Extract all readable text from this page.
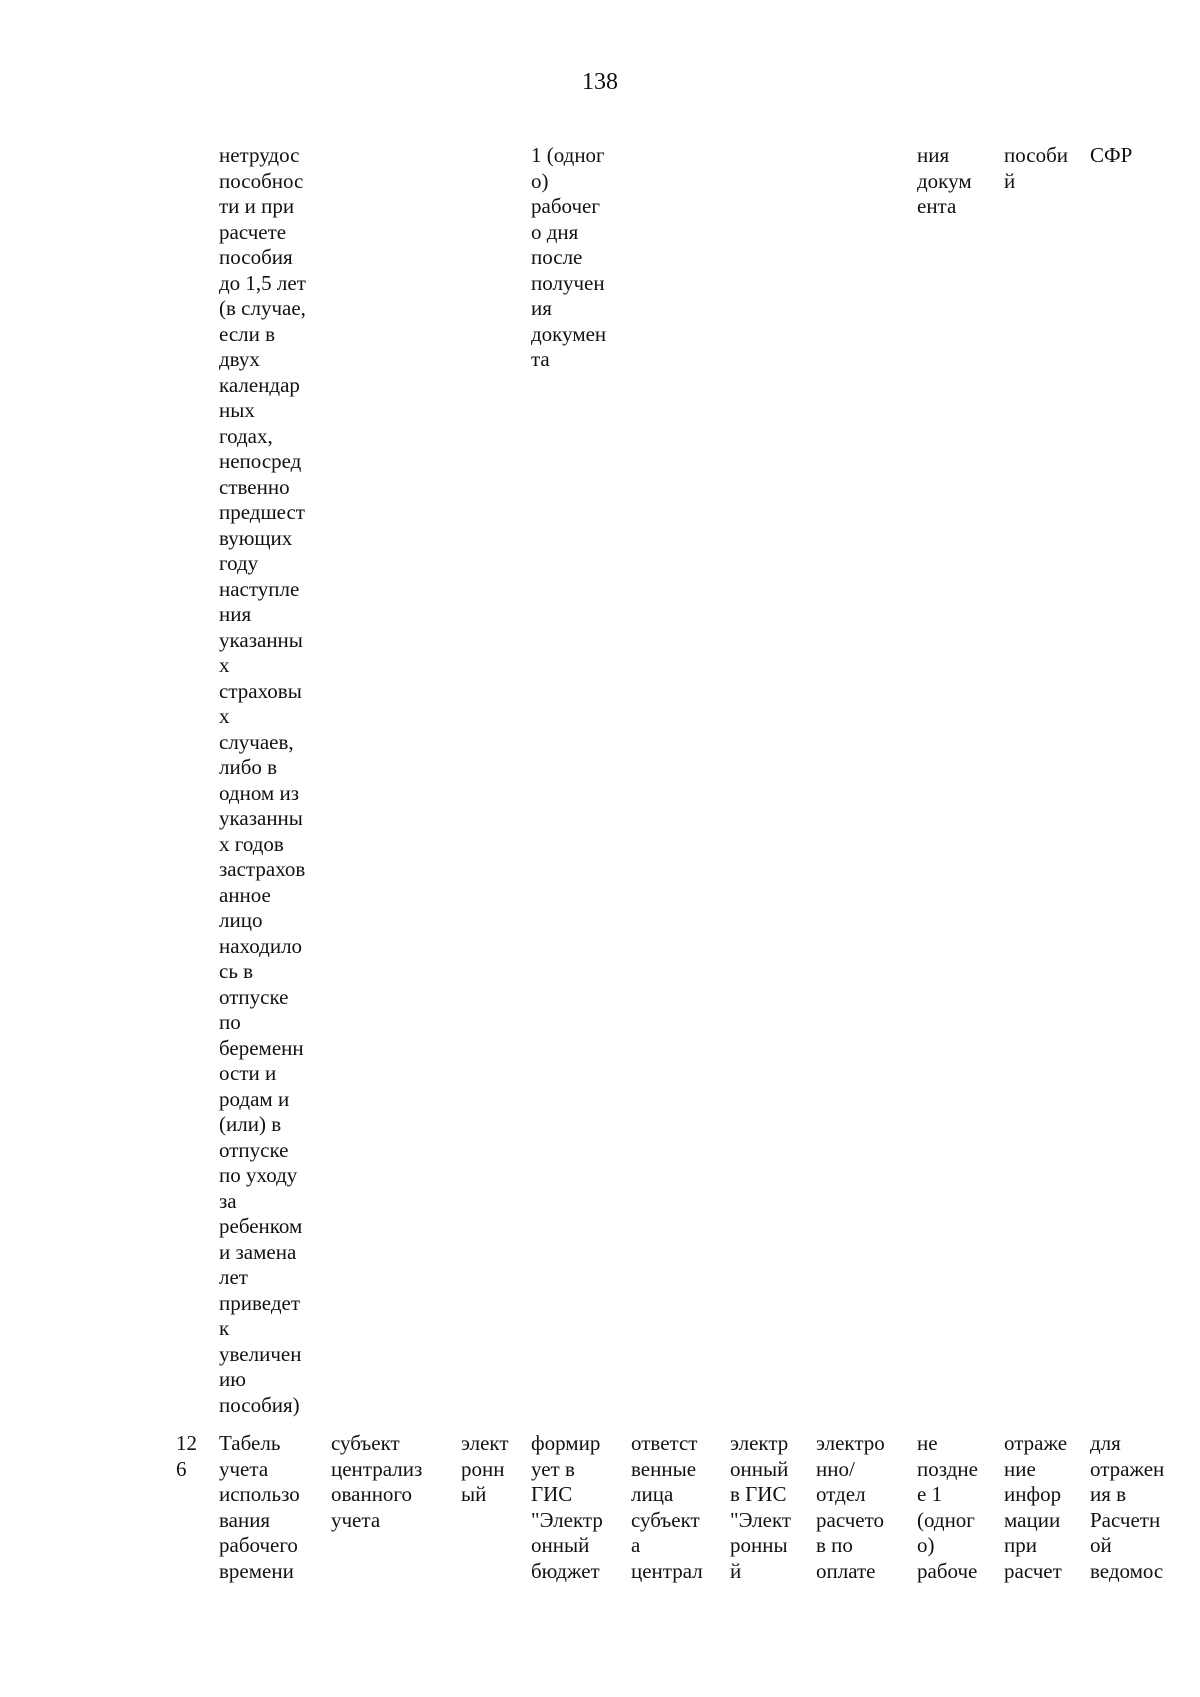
138
нетрудос
пособнос
ти и при
расчете
пособия
до 1,5 лет
(в случае,
если в
двух
календар
ных
годах,
непосред
ственно
предшест
вующих
году
наступле
ния
указанны
х
страховы
х
случаев,
либо в
одном из
указанны
х годов
застрахов
анное
лицо
находило
сь в
отпуске
по
беременн
ости и
родам и
(или) в
отпуске
по уходу
за
ребенком
и замена
лет
приведет
к
увеличен
ию
пособия)
1 (одног
о)
рабочег
о дня
после
получен
ия
докумен
та
ния
докум
ента
пособи
й
СФР
12
6
Табель
учета
использо
вания
рабочего
времени
субъект
централиз
ованного
учета
элект
ронн
ый
формир
ует в
ГИС
"Электр
онный
бюджет
ответст
венные
лица
субъект
а
централ
электр
онный
в ГИС
"Элект
ронны
й
электро
нно/
отдел
расчето
в по
оплате
не
поздне
е 1
(одног
о)
рабоче
отраже
ние
инфор
мации
при
расчет
для
отражен
ия в
Расчетн
ой
ведомос
